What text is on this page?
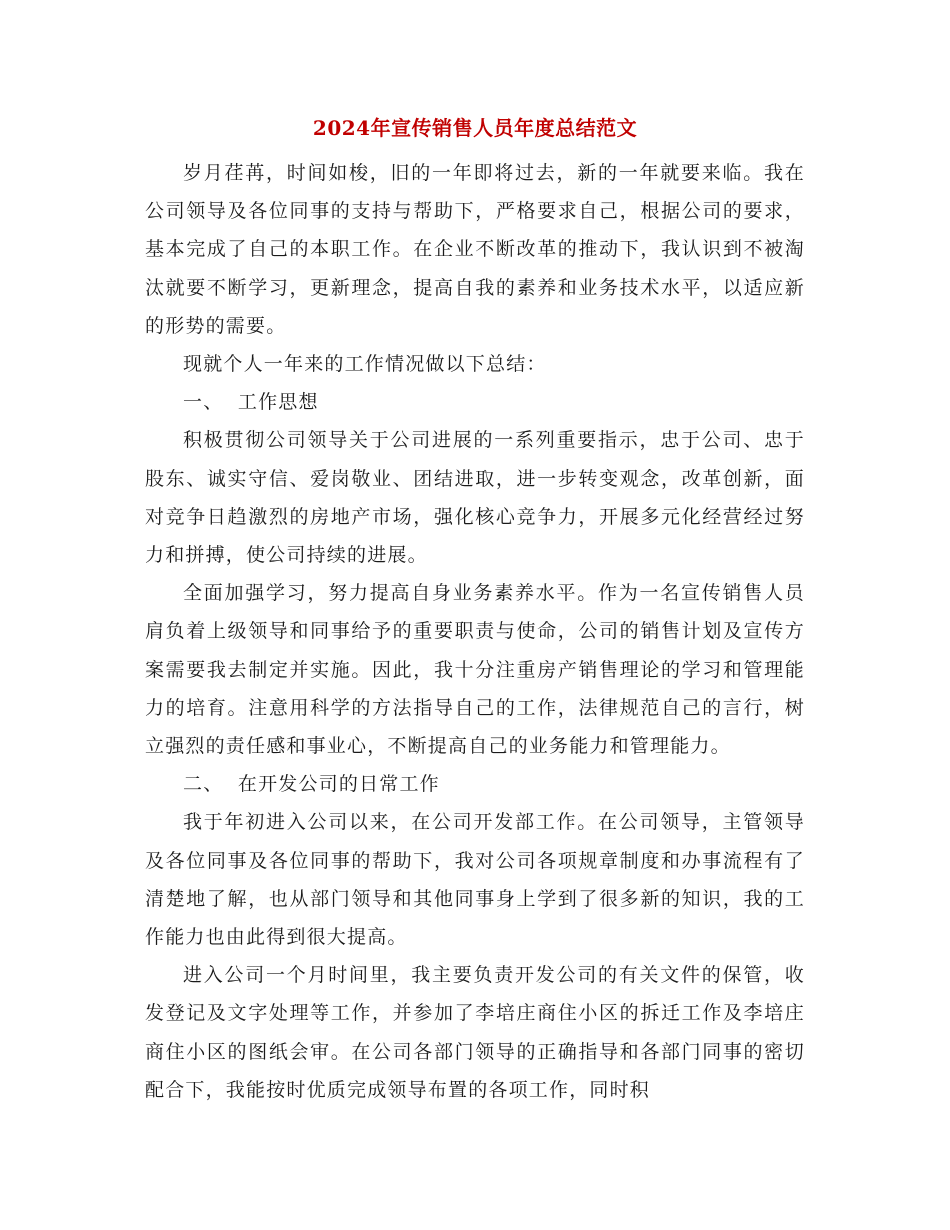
2024年宣传销售人员年度总结范文

岁月荏苒，时间如梭，旧的一年即将过去，新的一年就要来临。我在公司领导及各位同事的支持与帮助下，严格要求自己，根据公司的要求，基本完成了自己的本职工作。在企业不断改革的推动下，我认识到不被淘汰就要不断学习，更新理念，提高自我的素养和业务技术水平，以适应新的形势的需要。

现就个人一年来的工作情况做以下总结：

一、  工作思想

积极贯彻公司领导关于公司进展的一系列重要指示，忠于公司、忠于股东、诚实守信、爱岗敬业、团结进取，进一步转变观念，改革创新，面对竞争日趋激烈的房地产市场，强化核心竞争力，开展多元化经营经过努力和拼搏，使公司持续的进展。

全面加强学习，努力提高自身业务素养水平。作为一名宣传销售人员肩负着上级领导和同事给予的重要职责与使命，公司的销售计划及宣传方案需要我去制定并实施。因此，我十分注重房产销售理论的学习和管理能力的培育。注意用科学的方法指导自己的工作，法律规范自己的言行，树立强烈的责任感和事业心，不断提高自己的业务能力和管理能力。

二、  在开发公司的日常工作

我于年初进入公司以来，在公司开发部工作。在公司领导，主管领导及各位同事及各位同事的帮助下，我对公司各项规章制度和办事流程有了清楚地了解，也从部门领导和其他同事身上学到了很多新的知识，我的工作能力也由此得到很大提高。

进入公司一个月时间里，我主要负责开发公司的有关文件的保管，收发登记及文字处理等工作，并参加了李培庄商住小区的拆迁工作及李培庄商住小区的图纸会审。在公司各部门领导的正确指导和各部门同事的密切配合下，我能按时优质完成领导布置的各项工作，同时积
